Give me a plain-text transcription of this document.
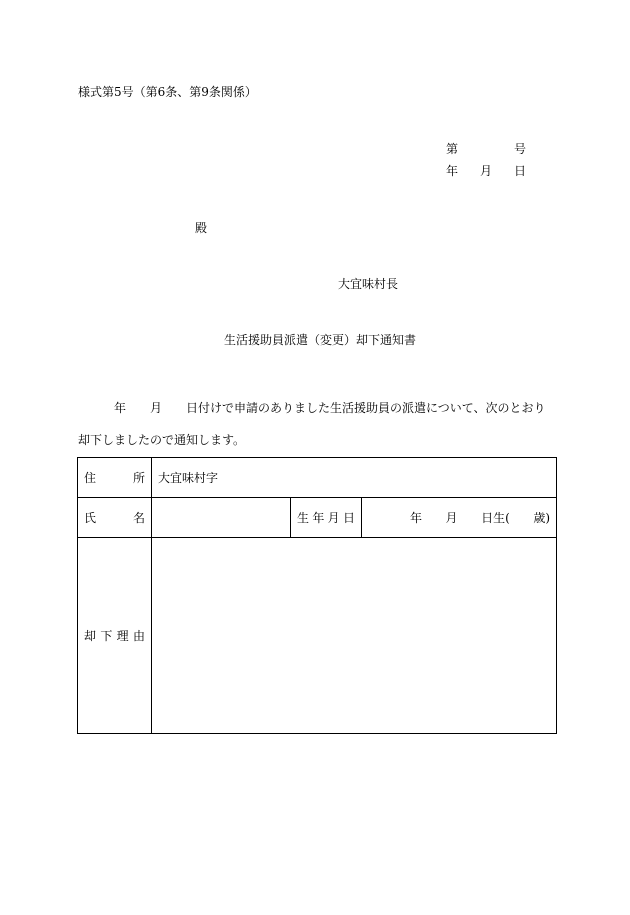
様式第5号（第6条、第9条関係）
第	号
年 月 日
殿
大宜味村長
生活援助員派遣（変更）却下通知書

年　　月　　日付けで申請のありました生活援助員の派遣について、次のとおり却下しましたので通知します。

住 所	大宜味村字		

氏 名		生 年 月 日	年 月 日生( 歳)

却 下 理 由			
